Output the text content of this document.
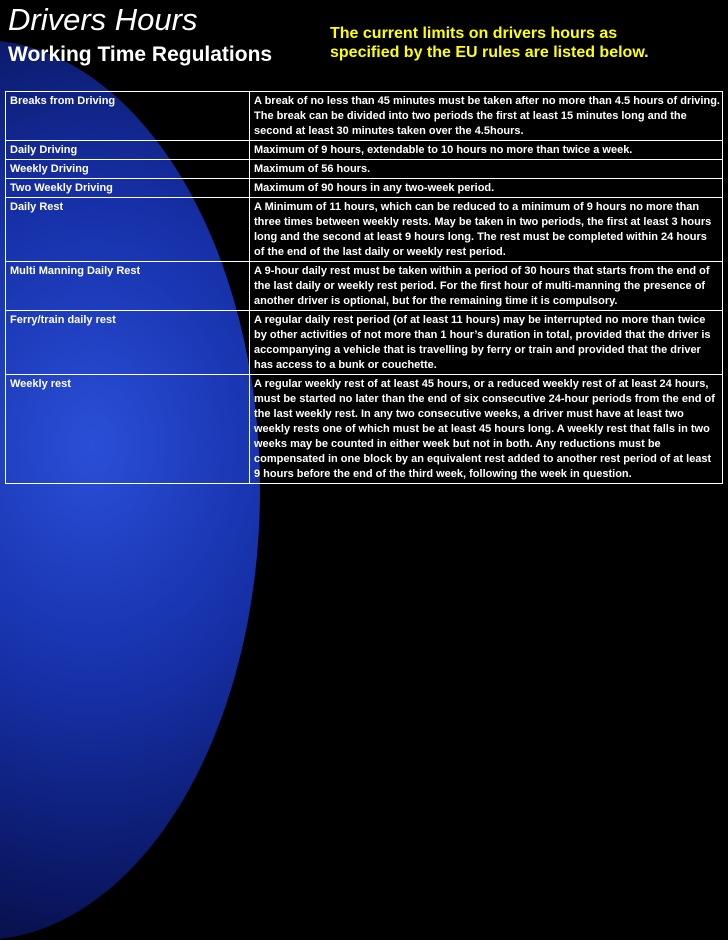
Drivers Hours
Working Time Regulations
The current limits on drivers hours as specified by the EU rules are listed below.
Breaks from Driving	A break of no less than 45 minutes must be taken after no more than 4.5 hours of driving. The break can be divided into two periods the first at least 15 minutes long and the second at least 30 minutes taken over the 4.5hours.
Daily Driving	Maximum of 9 hours, extendable to 10 hours no more than twice a week.
Weekly Driving	Maximum of 56 hours.
Two Weekly Driving	Maximum of 90 hours in any two-week period.
Daily Rest	A Minimum of 11 hours, which can be reduced to a minimum of 9 hours no more than three times between weekly rests. May be taken in two periods, the first at least 3 hours long and the second at least 9 hours long. The rest must be completed within 24 hours of the end of the last daily or weekly rest period.
Multi Manning Daily Rest	A 9-hour daily rest must be taken within a period of 30 hours that starts from the end of the last daily or weekly rest period. For the first hour of multi-manning the presence of another driver is optional, but for the remaining time it is compulsory.
Ferry/train daily rest	A regular daily rest period (of at least 11 hours) may be interrupted no more than twice by other activities of not more than 1 hour’s duration in total, provided that the driver is accompanying a vehicle that is travelling by ferry or train and provided that the driver has access to a bunk or couchette.
Weekly rest	A regular weekly rest of at least 45 hours, or a reduced weekly rest of at least 24 hours, must be started no later than the end of six consecutive 24-hour periods from the end of the last weekly rest. In any two consecutive weeks, a driver must have at least two weekly rests one of which must be at least 45 hours long. A weekly rest that falls in two weeks may be counted in either week but not in both. Any reductions must be compensated in one block by an equivalent rest added to another rest period of at least 9 hours before the end of the third week, following the week in question.
